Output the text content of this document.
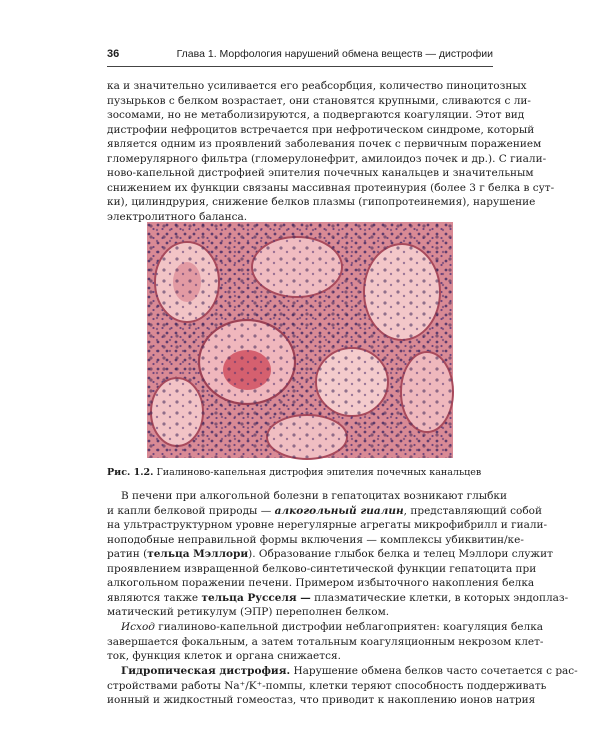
36	Глава 1. Морфология нарушений обмена веществ — дистрофии
ка и значительно усиливается его реабсорбция, количество пиноцитозных
пузырьков с белком возрастает, они становятся крупными, сливаются с ли-
зосомами, но не метаболизируются, а подвергаются коагуляции. Этот вид
дистрофии нефроцитов встречается при нефротическом синдроме, который
является одним из проявлений заболевания почек с первичным поражением
гломерулярного фильтра (гломерулонефрит, амилоидоз почек и др.). С гиали-
ново-капельной дистрофией эпителия почечных канальцев и значительным
снижением их функции связаны массивная протеинурия (более 3 г белка в сут-
ки), цилиндрурия, снижение белков плазмы (гипопротеинемия), нарушение
электролитного баланса.
Рис. 1.2. Гиалиново-капельная дистрофия эпителия почечных канальцев
В печени при алкогольной болезни в гепатоцитах возникают глыбки
и капли белковой природы — алкогольный гиалин, представляющий собой
на ультраструктурном уровне нерегулярные агрегаты микрофибрилл и гиали-
ноподобные неправильной формы включения — комплексы убиквитин/ке-
ратин (тельца Мэллори). Образование глыбок белка и телец Мэллори служит
проявлением извращенной белково-синтетической функции гепатоцита при
алкогольном поражении печени. Примером избыточного накопления белка
являются также тельца Русселя — плазматические клетки, в которых эндоплаз-
матический ретикулум (ЭПР) переполнен белком.
Исход гиалиново-капельной дистрофии неблагоприятен: коагуляция белка
завершается фокальным, а затем тотальным коагуляционным некрозом клет-
ток, функция клеток и органа снижается.
Гидропическая дистрофия. Нарушение обмена белков часто сочетается с рас-
стройствами работы Na⁺/K⁺-помпы, клетки теряют способность поддерживать
ионный и жидкостный гомеостаз, что приводит к накоплению ионов натрия
